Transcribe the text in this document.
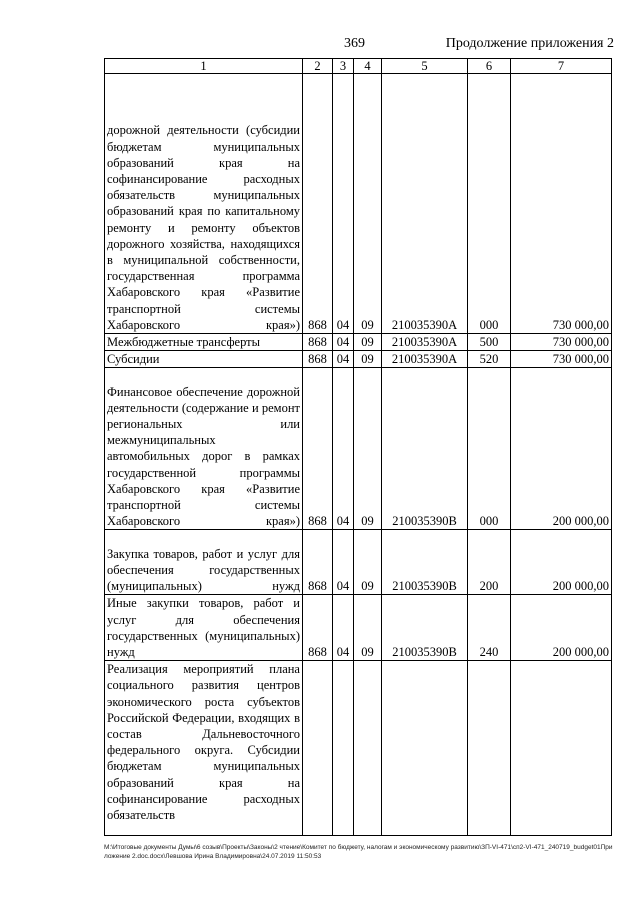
369	Продолжение приложения 2
1	2	3	4	5	6	7
дорожной деятельности (субсидии бюджетам муниципальных образований края на софинансирование расходных обязательств муниципальных образований края по капитальному ремонту и ремонту объектов дорожного хозяйства, находящихся в муниципальной собственности, государственная программа Хабаровского края «Развитие транспортной системы Хабаровского края»)	868	04	09	210035390А	000	730 000,00
Межбюджетные трансферты	868	04	09	210035390А	500	730 000,00
Субсидии	868	04	09	210035390А	520	730 000,00
Финансовое обеспечение дорожной деятельности (содержание и ремонт региональных или межмуниципальных автомобильных дорог в рамках государственной программы Хабаровского края «Развитие транспортной системы Хабаровского края»)	868	04	09	210035390В	000	200 000,00
Закупка товаров, работ и услуг для обеспечения государственных (муниципальных) нужд	868	04	09	210035390В	200	200 000,00
Иные закупки товаров, работ и услуг для обеспечения государственных (муниципальных) нужд	868	04	09	210035390В	240	200 000,00
Реализация мероприятий плана социального развития центров экономического роста субъектов Российской Федерации, входящих в состав Дальневосточного федерального округа. Субсидии бюджетам муниципальных образований края на софинансирование расходных обязательств						
М:\Итоговые документы Думы\6 созыв\Проекты\Законы\2 чтение\Комитет по бюджету, налогам и экономическому развитию\ЗП-VI-471\сп2-VI-471_240719_budget01Приложение 2.doc.docx\Левшова Ирина Владимировна\24.07.2019 11:50:53
